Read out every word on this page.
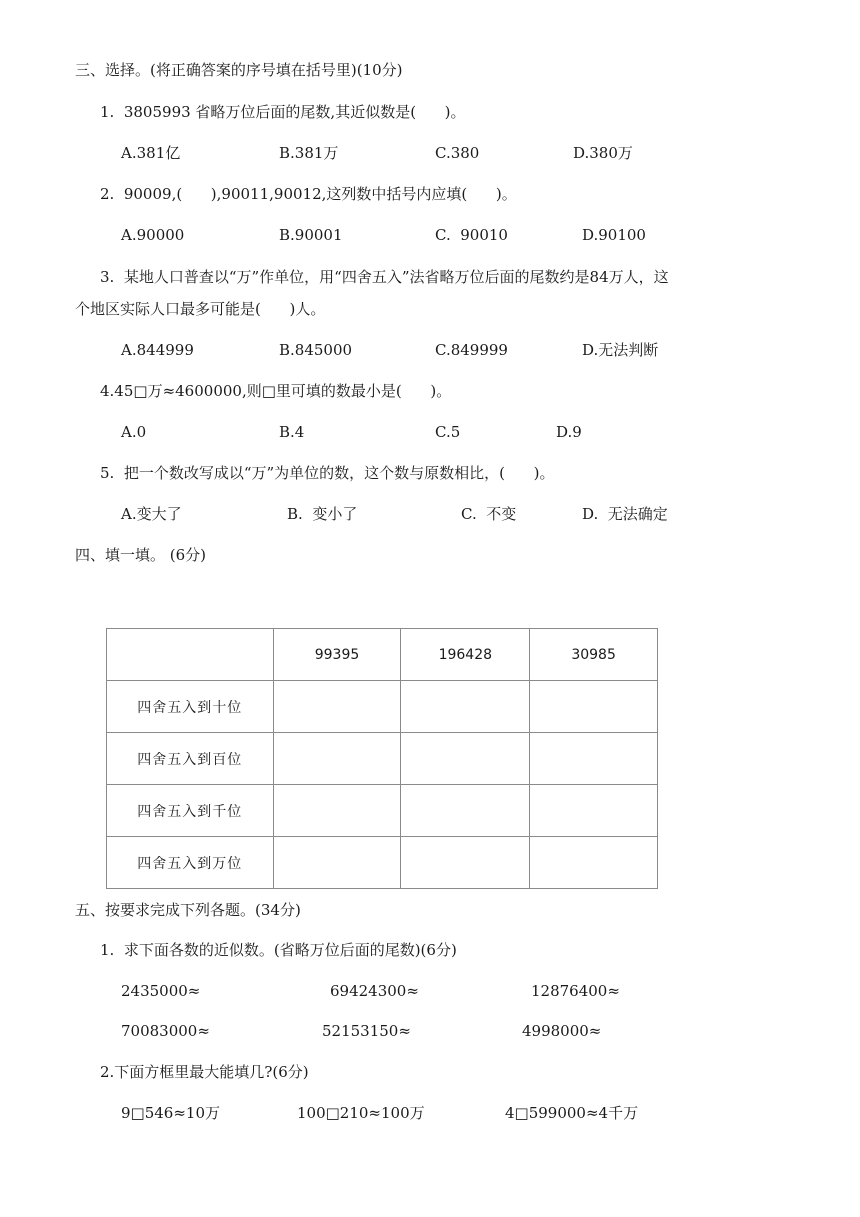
三、选择。(将正确答案的序号填在括号里)(10分)
1.  3805993 省略万位后面的尾数,其近似数是(      )。
A.381亿	B.381万	C.380	D.380万
2.  90009,(      ),90011,90012,这列数中括号内应填(      )。
A.90000	B.90001	C.  90010	D.90100
3.  某地人口普查以“万”作单位，用“四舍五入”法省略万位后面的尾数约是84万人，这
个地区实际人口最多可能是(      )人。
A.844999	B.845000	C.849999	D.无法判断
4.45□万≈4600000,则□里可填的数最小是(      )。
A.0	B.4	C.5	D.9
5.  把一个数改写成以“万”为单位的数，这个数与原数相比，(      )。
A.变大了	B.  变小了	C.  不变	D.  无法确定
四、填一填。 (6分)
	99395	196428	30985
四舍五入到十位			
四舍五入到百位			
四舍五入到千位			
四舍五入到万位			
五、按要求完成下列各题。(34分)
1.  求下面各数的近似数。(省略万位后面的尾数)(6分)
2435000≈	69424300≈	12876400≈
70083000≈	52153150≈	4998000≈
2.下面方框里最大能填几?(6分)
9□546≈10万	100□210≈100万	4□599000≈4千万
